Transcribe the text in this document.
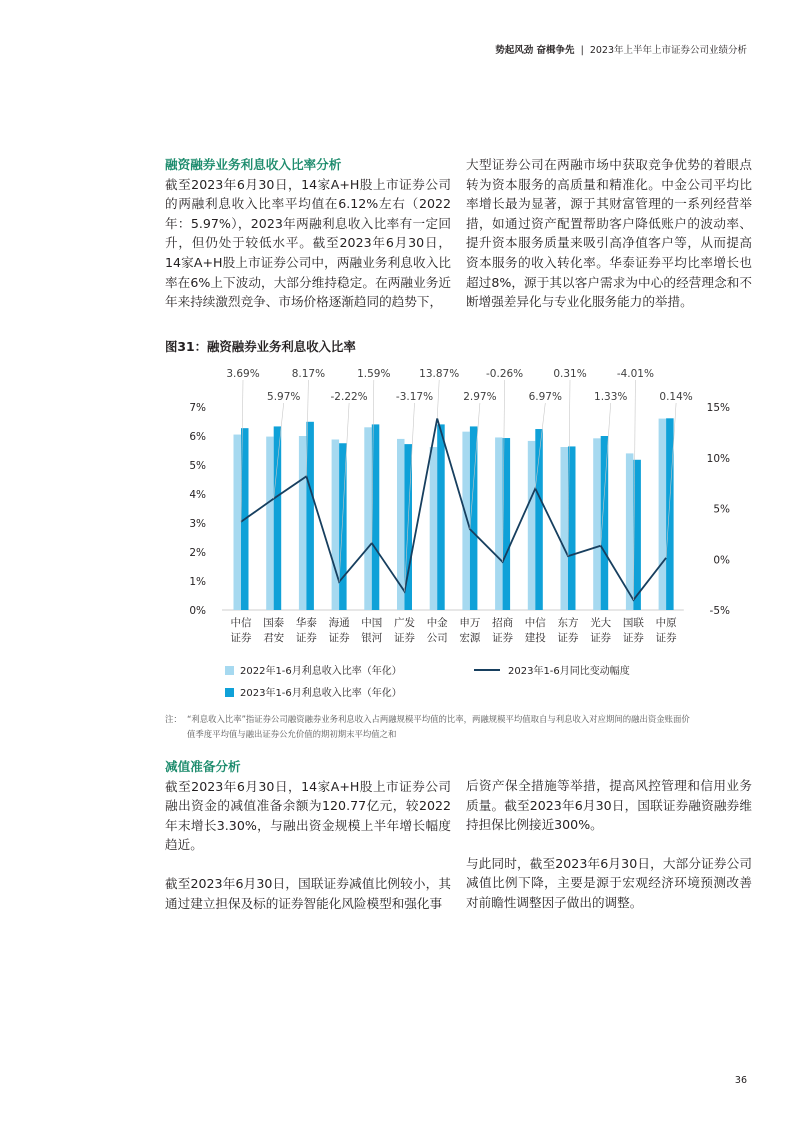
势起风劲 奋楫争先 | 2023年上半年上市证券公司业绩分析
融资融券业务利息收入比率分析

截至2023年6月30日，14家A+H股上市证券公司的两融利息收入比率平均值在6.12%左右（2022年：5.97%），2023年两融利息收入比率有一定回升，但仍处于较低水平。截至2023年6月30日，14家A+H股上市证券公司中，两融业务利息收入比率在6%上下波动，大部分维持稳定。在两融业务近年来持续激烈竞争、市场价格逐渐趋同的趋势下，

大型证券公司在两融市场中获取竞争优势的着眼点转为资本服务的高质量和精准化。中金公司平均比率增长最为显著，源于其财富管理的一系列经营举措，如通过资产配置帮助客户降低账户的波动率、提升资本服务质量来吸引高净值客户等，从而提高资本服务的收入转化率。华泰证券平均比率增长也超过8%，源于其以客户需求为中心的经营理念和不断增强差异化与专业化服务能力的举措。

图31：融资融券业务利息收入比率
0%
1%
2%
3%
4%
5%
6%
7%
-5%
0%
5%
10%
15%
中信
证券
国泰
君安
华泰
证券
海通
证券
中国
银河
广发
证券
中金
公司
申万
宏源
招商
证券
中信
建投
东方
证券
光大
证券
国联
证券
中原
证券
3.69%
5.97%
8.17%
-2.22%
1.59%
-3.17%
13.87%
2.97%
-0.26%
6.97%
0.31%
1.33%
-4.01%
0.14%
2022年1-6月利息收入比率（年化）
2023年1-6月利息收入比率（年化）
2023年1-6月同比变动幅度
注： “利息收入比率”指证券公司融资融券业务利息收入占两融规模平均值的比率，两融规模平均值取自与利息收入对应期间的融出资金账面价
值季度平均值与融出证券公允价值的期初期末平均值之和
减值准备分析

截至2023年6月30日，14家A+H股上市证券公司融出资金的减值准备余额为120.77亿元，较2022年末增长3.30%，与融出资金规模上半年增长幅度趋近。

截至2023年6月30日，国联证券减值比例较小，其通过建立担保及标的证券智能化风险模型和强化事

后资产保全措施等举措，提高风控管理和信用业务质量。截至2023年6月30日，国联证券融资融券维持担保比例接近300%。

与此同时，截至2023年6月30日，大部分证券公司减值比例下降，主要是源于宏观经济环境预测改善对前瞻性调整因子做出的调整。

36
